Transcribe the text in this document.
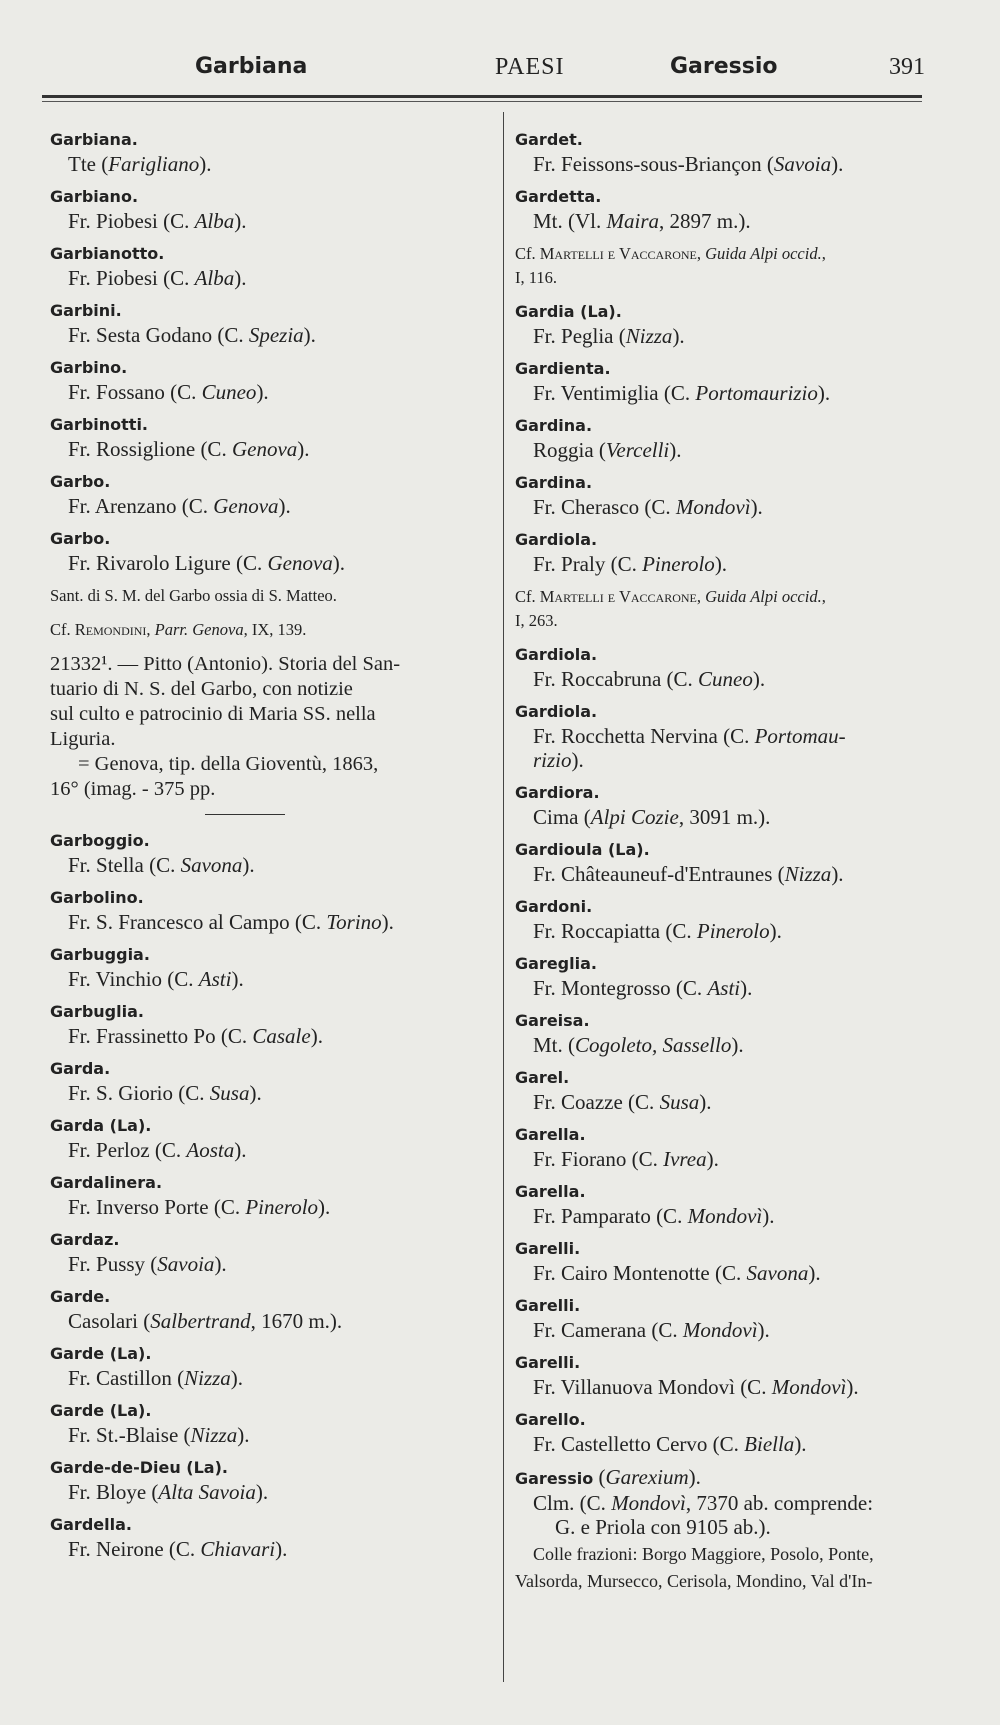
Garbiana	PAESI	Garessio	391
Garbiana.
Tte (Farigliano).
Garbiano.
Fr. Piobesi (C. Alba).
Garbianotto.
Fr. Piobesi (C. Alba).
Garbini.
Fr. Sesta Godano (C. Spezia).
Garbino.
Fr. Fossano (C. Cuneo).
Garbinotti.
Fr. Rossiglione (C. Genova).
Garbo.
Fr. Arenzano (C. Genova).
Garbo.
Fr. Rivarolo Ligure (C. Genova).
Sant. di S. M. del Garbo ossia di S. Matteo.
Cf. Remondini, Parr. Genova, IX, 139.
21332¹. — Pitto (Antonio). Storia del San-
tuario di N. S. del Garbo, con notizie
sul culto e patrocinio di Maria SS. nella
Liguria.
= Genova, tip. della Gioventù, 1863,
16° (imag. - 375 pp.
Garboggio.
Fr. Stella (C. Savona).
Garbolino.
Fr. S. Francesco al Campo (C. Torino).
Garbuggia.
Fr. Vinchio (C. Asti).
Garbuglia.
Fr. Frassinetto Po (C. Casale).
Garda.
Fr. S. Giorio (C. Susa).
Garda (La).
Fr. Perloz (C. Aosta).
Gardalinera.
Fr. Inverso Porte (C. Pinerolo).
Gardaz.
Fr. Pussy (Savoia).
Garde.
Casolari (Salbertrand, 1670 m.).
Garde (La).
Fr. Castillon (Nizza).
Garde (La).
Fr. St.-Blaise (Nizza).
Garde-de-Dieu (La).
Fr. Bloye (Alta Savoia).
Gardella.
Fr. Neirone (C. Chiavari).
Gardet.
Fr. Feissons-sous-Briançon (Savoia).
Gardetta.
Mt. (Vl. Maira, 2897 m.).
Cf. Martelli e Vaccarone, Guida Alpi occid.,
I, 116.
Gardia (La).
Fr. Peglia (Nizza).
Gardienta.
Fr. Ventimiglia (C. Portomaurizio).
Gardina.
Roggia (Vercelli).
Gardina.
Fr. Cherasco (C. Mondovì).
Gardiola.
Fr. Praly (C. Pinerolo).
Cf. Martelli e Vaccarone, Guida Alpi occid.,
I, 263.
Gardiola.
Fr. Roccabruna (C. Cuneo).
Gardiola.
Fr. Rocchetta Nervina (C. Portomau-
rizio).
Gardiora.
Cima (Alpi Cozie, 3091 m.).
Gardioula (La).
Fr. Châteauneuf-d'Entraunes (Nizza).
Gardoni.
Fr. Roccapiatta (C. Pinerolo).
Gareglia.
Fr. Montegrosso (C. Asti).
Gareisa.
Mt. (Cogoleto, Sassello).
Garel.
Fr. Coazze (C. Susa).
Garella.
Fr. Fiorano (C. Ivrea).
Garella.
Fr. Pamparato (C. Mondovì).
Garelli.
Fr. Cairo Montenotte (C. Savona).
Garelli.
Fr. Camerana (C. Mondovì).
Garelli.
Fr. Villanuova Mondovì (C. Mondovì).
Garello.
Fr. Castelletto Cervo (C. Biella).
Garessio (Garexium).
Clm. (C. Mondovì, 7370 ab. comprende:
G. e Priola con 9105 ab.).
Colle frazioni: Borgo Maggiore, Posolo, Ponte,
Valsorda, Mursecco, Cerisola, Mondino, Val d'In-
